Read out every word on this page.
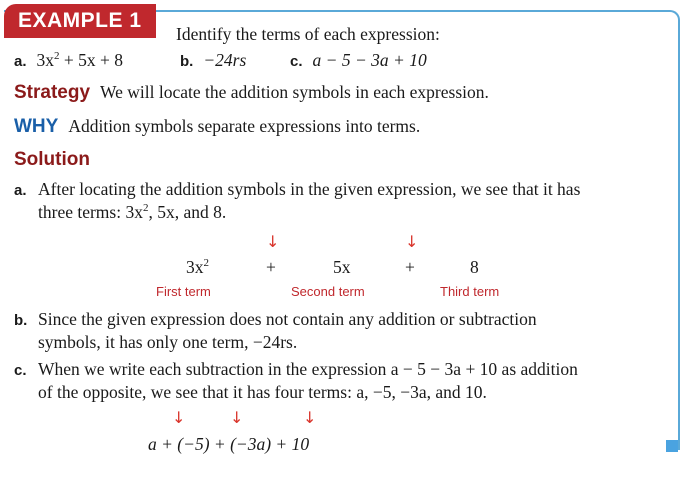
EXAMPLE 1
Identify the terms of each expression:
a. $3x^2 + 5x + 8$	b. −24rs	c. a − 5 − 3a + 10
Strategy We will locate the addition symbols in each expression.
WHY Addition symbols separate expressions into terms.
Solution
a. After locating the addition symbols in the given expression, we see that it has
three terms: $3x^2$, 5x, and 8.
↓	↓
$3x^2$	+	5x	+	8
First term	Second term	Third term
b. Since the given expression does not contain any addition or subtraction
symbols, it has only one term, −24rs.
c. When we write each subtraction in the expression a − 5 − 3a + 10 as addition
of the opposite, we see that it has four terms: a, −5, −3a, and 10.
↓	↓	↓
a + (−5) + (−3a) + 10
